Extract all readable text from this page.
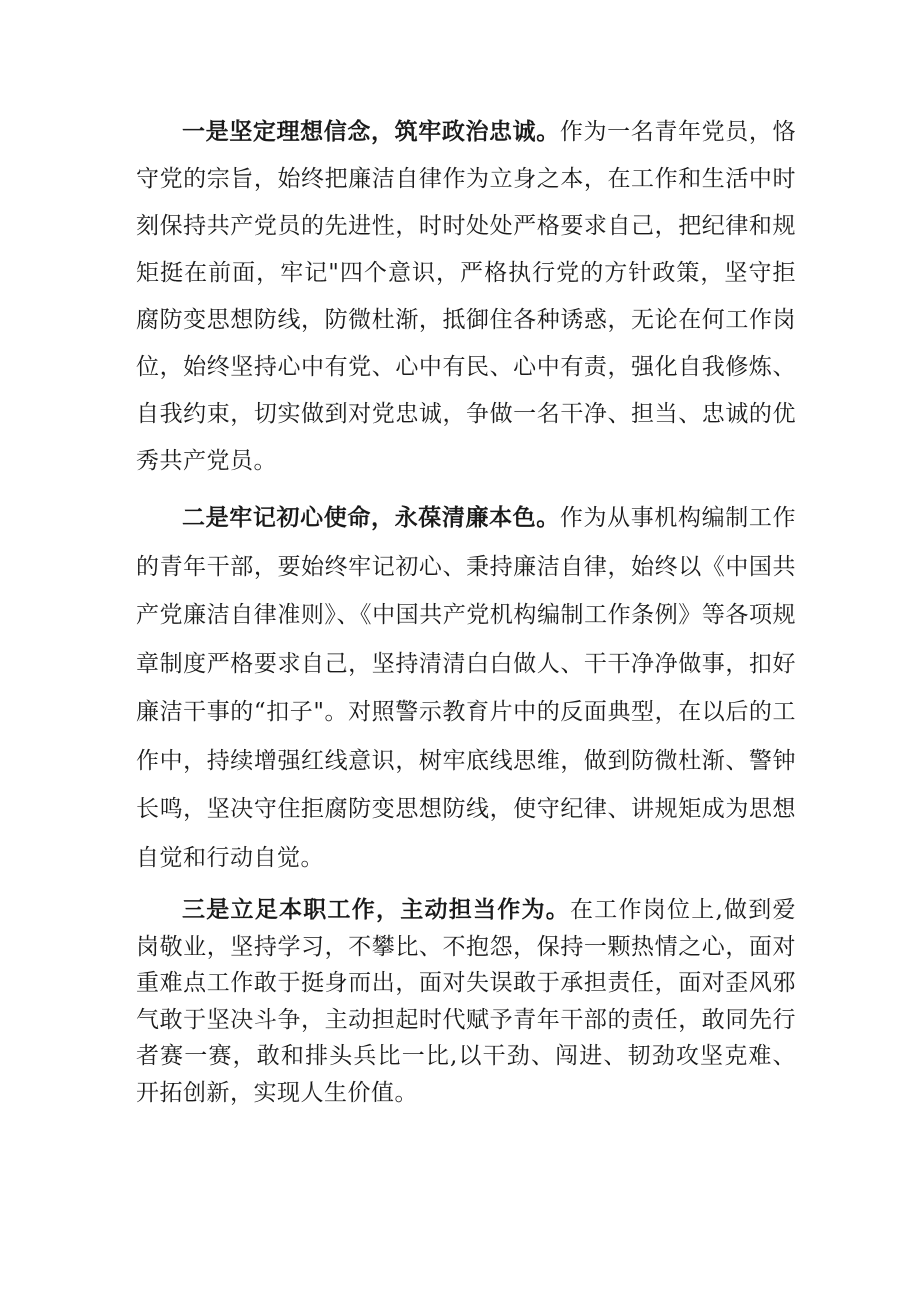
一是坚定理想信念，筑牢政治忠诚。作为一名青年党员，恪守党的宗旨，始终把廉洁自律作为立身之本，在工作和生活中时刻保持共产党员的先进性，时时处处严格要求自己，把纪律和规矩挺在前面，牢记"四个意识，严格执行党的方针政策，坚守拒腐防变思想防线，防微杜渐，抵御住各种诱惑，无论在何工作岗位，始终坚持心中有党、心中有民、心中有责，强化自我修炼、自我约束，切实做到对党忠诚，争做一名干净、担当、忠诚的优秀共产党员。

二是牢记初心使命，永葆清廉本色。作为从事机构编制工作的青年干部，要始终牢记初心、秉持廉洁自律，始终以《中国共产党廉洁自律准则》、《中国共产党机构编制工作条例》等各项规章制度严格要求自己，坚持清清白白做人、干干净净做事，扣好廉洁干事的“扣子"。对照警示教育片中的反面典型，在以后的工作中，持续增强红线意识，树牢底线思维，做到防微杜渐、警钟长鸣，坚决守住拒腐防变思想防线，使守纪律、讲规矩成为思想自觉和行动自觉。

三是立足本职工作，主动担当作为。在工作岗位上,做到爱岗敬业，坚持学习，不攀比、不抱怨，保持一颗热情之心，面对重难点工作敢于挺身而出，面对失误敢于承担责任，面对歪风邪气敢于坚决斗争，主动担起时代赋予青年干部的责任，敢同先行者赛一赛，敢和排头兵比一比,以干劲、闯进、韧劲攻坚克难、开拓创新，实现人生价值。
